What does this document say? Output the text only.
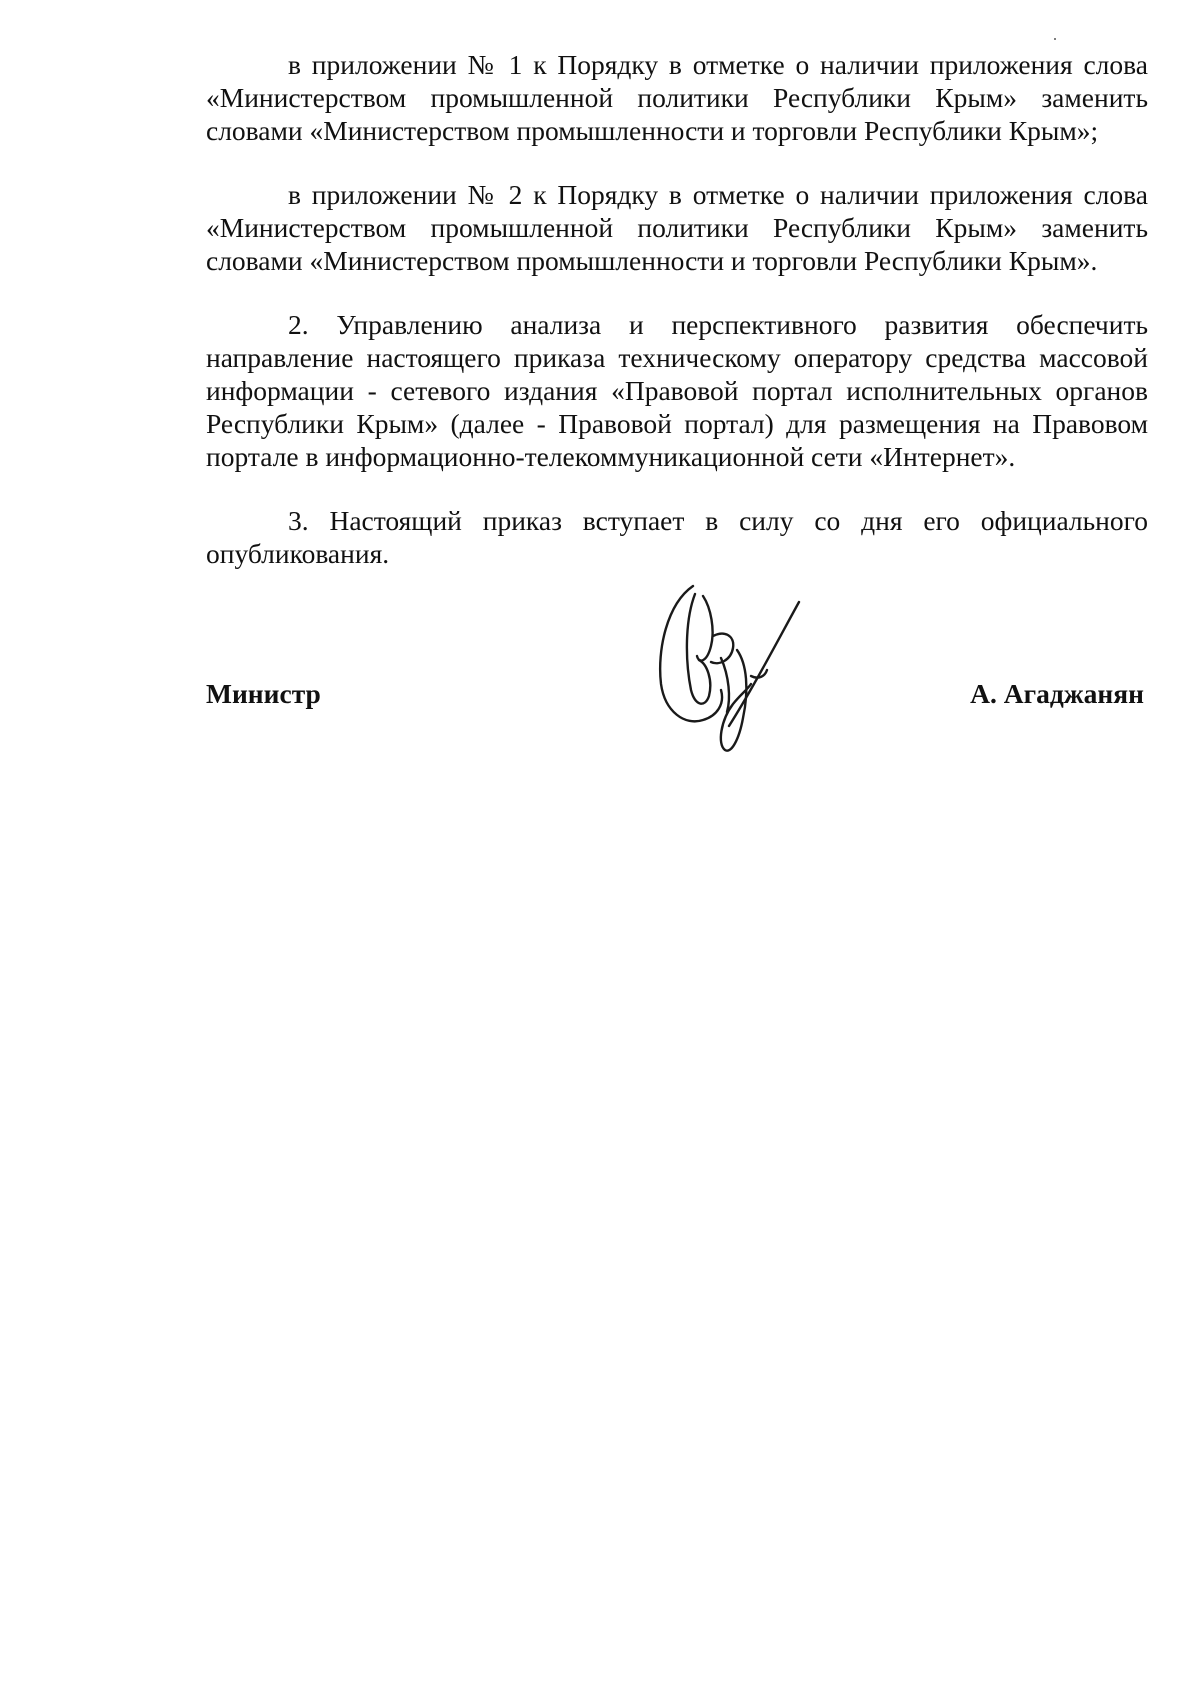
в приложении № 1 к Порядку в отметке о наличии приложения слова «Министерством промышленной политики Республики Крым» заменить словами «Министерством промышленности и торговли Республики Крым»;

в приложении № 2 к Порядку в отметке о наличии приложения слова «Министерством промышленной политики Республики Крым» заменить словами «Министерством промышленности и торговли Республики Крым».

2. Управлению анализа и перспективного развития обеспечить направление настоящего приказа техническому оператору средства массовой информации - сетевого издания «Правовой портал исполнительных органов Республики Крым» (далее - Правовой портал) для размещения на Правовом портале в информационно-телекоммуникационной сети «Интернет».

3. Настоящий приказ вступает в силу со дня его официального опубликования.

Министр	А. Агаджанян
